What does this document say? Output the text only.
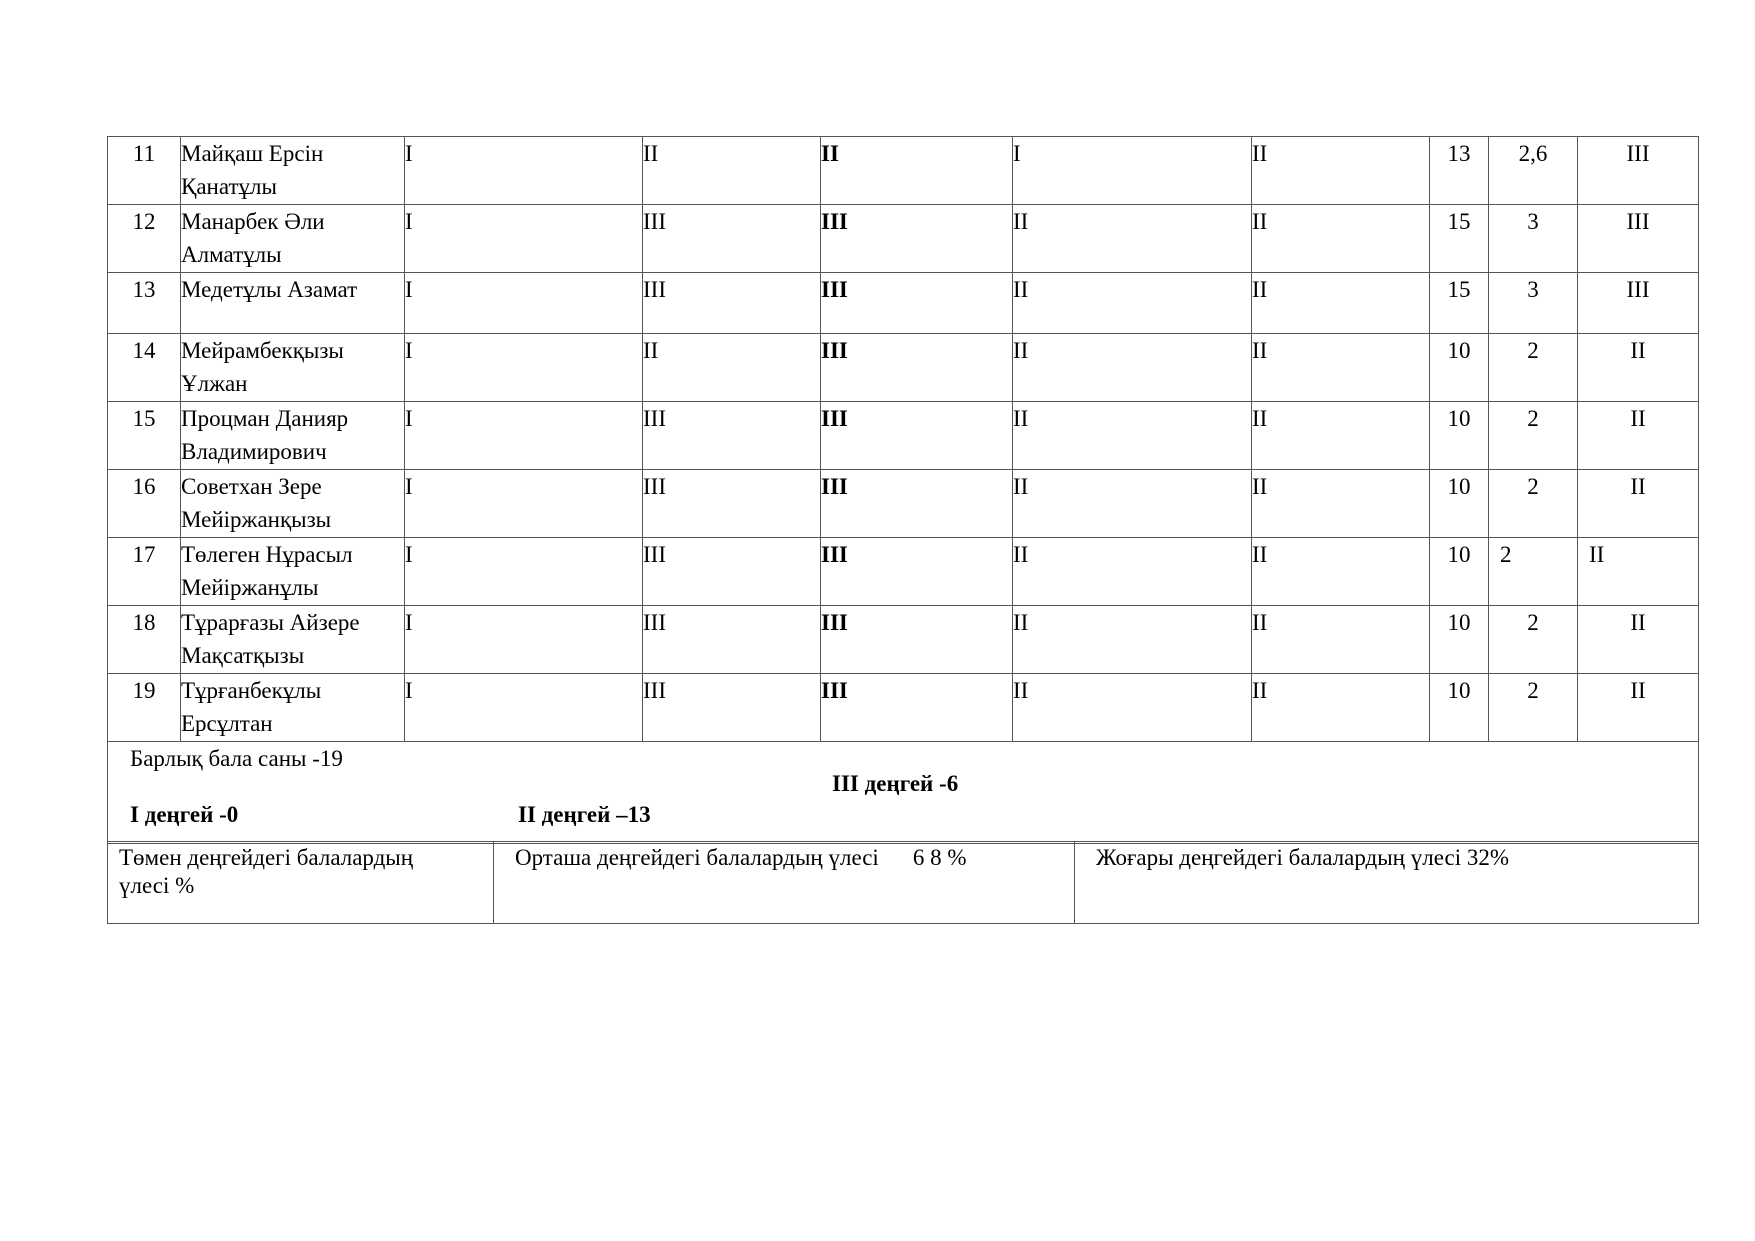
11	Майқаш Ерсін
Қанатұлы	I	II	II	I	II	13	2,6	III
12	Манарбек Әли
Алматұлы	I	III	III	II	II	15	3	III
13	Медетұлы Азамат	I	III	III	II	II	15	3	III
14	Мейрамбекқызы
Ұлжан	I	II	III	II	II	10	2	II
15	Процман Данияр
Владимирович	I	III	III	II	II	10	2	II
16	Советхан Зере
Мейіржанқызы	I	III	III	II	II	10	2	II
17	Төлеген Нұрасыл
Мейіржанұлы	I	III	III	II	II	10	2	II
18	Тұрарғазы Айзере
Мақсатқызы	I	III	III	II	II	10	2	II
19	Тұрғанбекұлы
Ерсұлтан	I	III	III	II	II	10	2	II

Барлық бала саны -19
III деңгей -6
I деңгей -0 II деңгей –13									
Төмен деңгейдегі балалардың
үлесі %
	Орташа деңгейдегі балалардың үлесі 6 8 %	Жоғары деңгейдегі балалардың үлесі 32%
